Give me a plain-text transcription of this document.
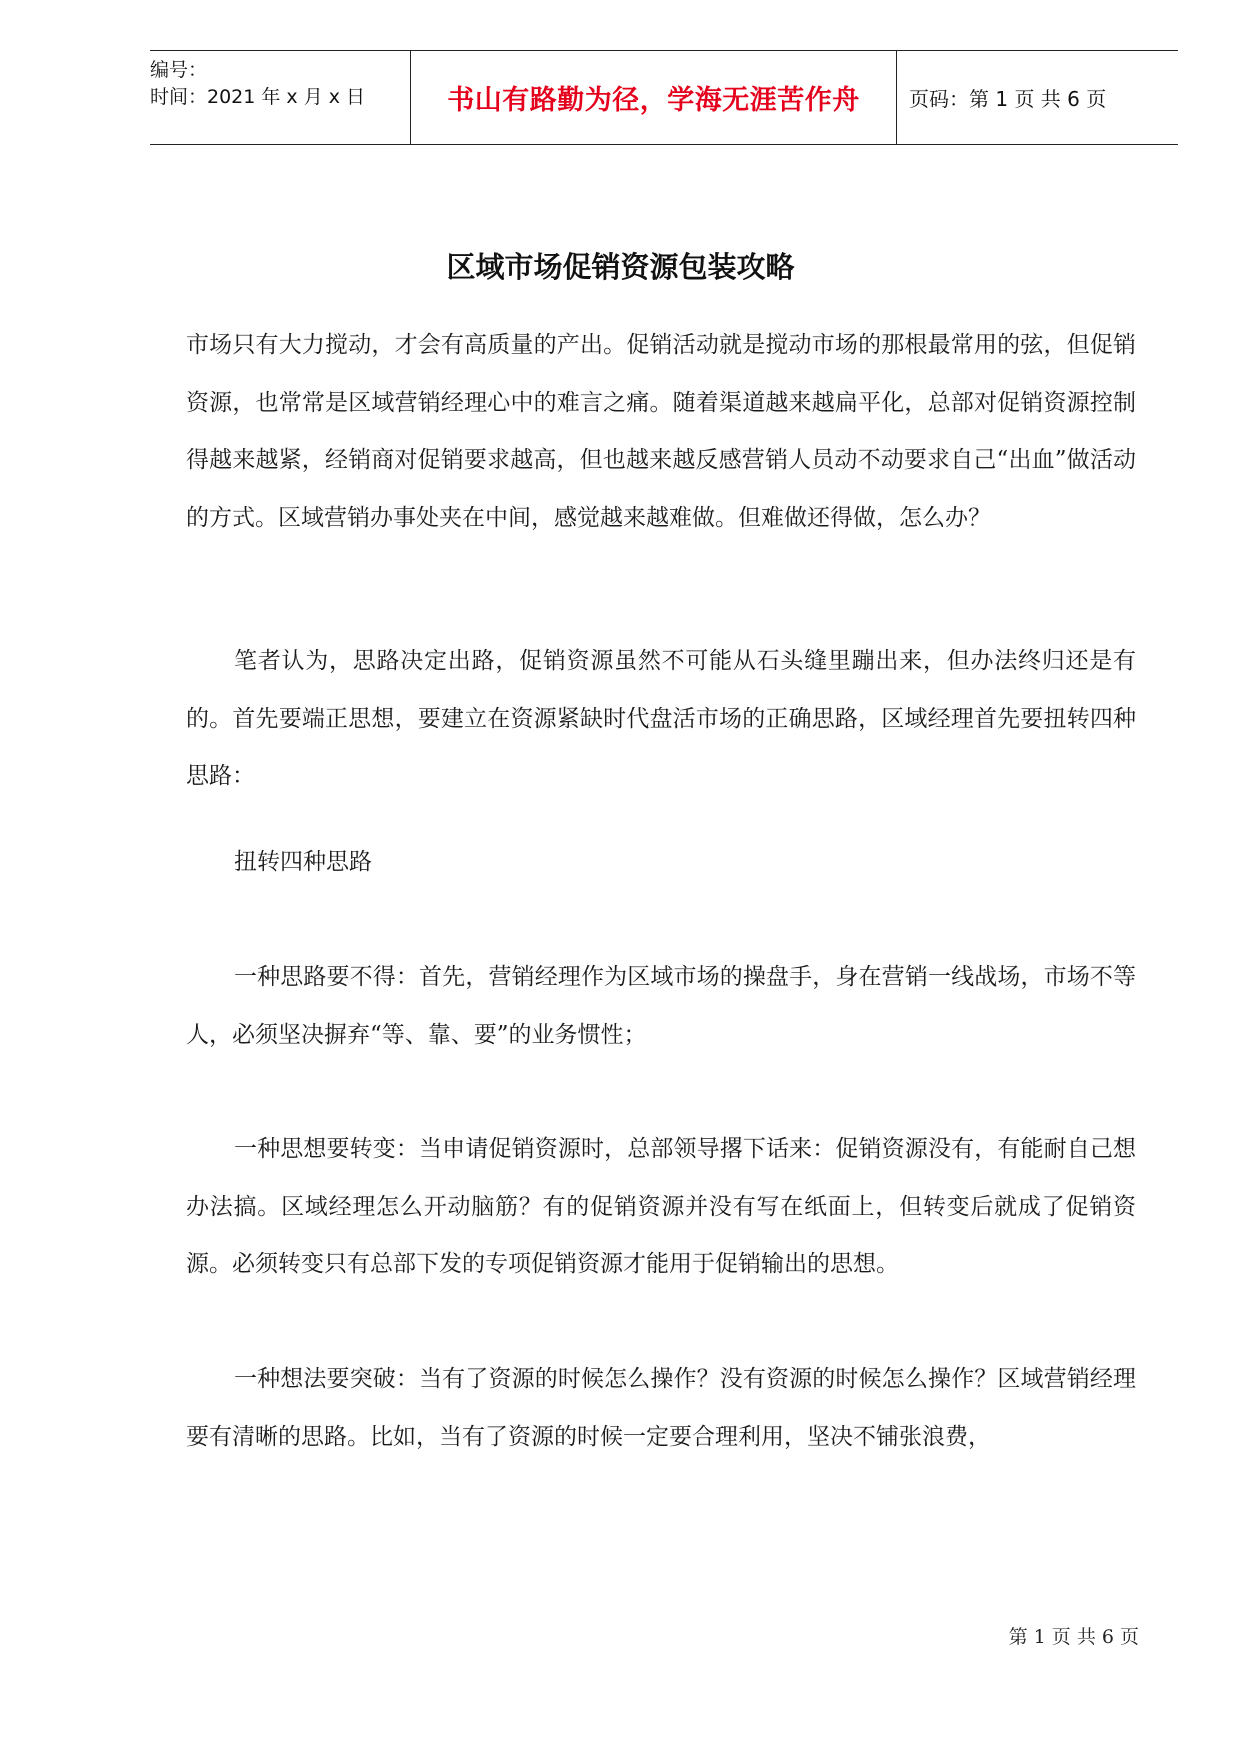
编号：
时间：2021 年 x 月 x 日	书山有路勤为径，学海无涯苦作舟 页码：第 1 页 共 6 页
区域市场促销资源包装攻略

市场只有大力搅动，才会有高质量的产出。促销活动就是搅动市场的那根最常用的弦，但促销资源，也常常是区域营销经理心中的难言之痛。随着渠道越来越扁平化，总部对促销资源控制得越来越紧，经销商对促销要求越高，但也越来越反感营销人员动不动要求自己“出血”做活动的方式。区域营销办事处夹在中间，感觉越来越难做。但难做还得做，怎么办？

笔者认为，思路决定出路，促销资源虽然不可能从石头缝里蹦出来，但办法终归还是有的。首先要端正思想，要建立在资源紧缺时代盘活市场的正确思路，区域经理首先要扭转四种思路：

扭转四种思路

一种思路要不得：首先，营销经理作为区域市场的操盘手，身在营销一线战场，市场不等人，必须坚决摒弃“等、靠、要”的业务惯性；

一种思想要转变：当申请促销资源时，总部领导撂下话来：促销资源没有，有能耐自己想办法搞。区域经理怎么开动脑筋？有的促销资源并没有写在纸面上，但转变后就成了促销资源。必须转变只有总部下发的专项促销资源才能用于促销输出的思想。

一种想法要突破：当有了资源的时候怎么操作？没有资源的时候怎么操作？区域营销经理要有清晰的思路。比如，当有了资源的时候一定要合理利用，坚决不铺张浪费，

第 1 页 共 6 页
